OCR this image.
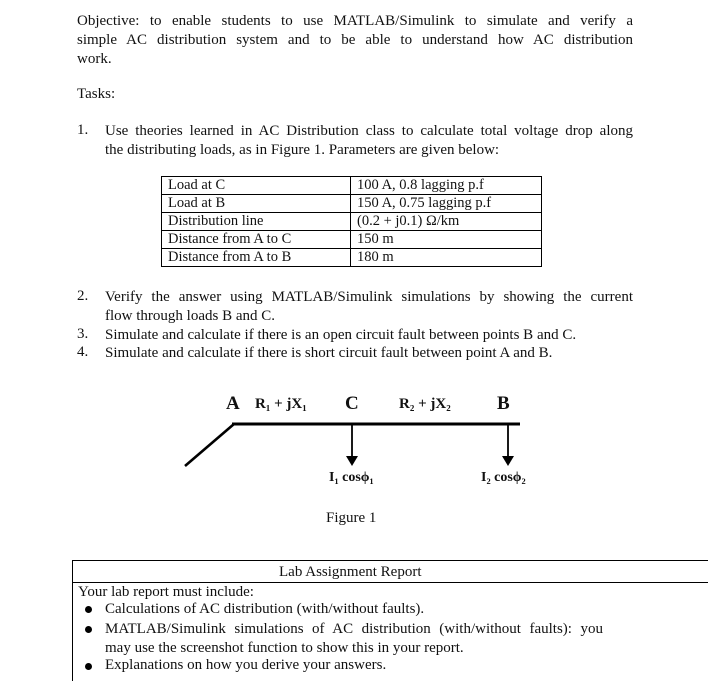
Objective: to enable students to use MATLAB/Simulink to simulate and verify a
simple AC distribution system and to be able to understand how AC distribution
work.
Tasks:
1. Use theories learned in AC Distribution class to calculate total voltage drop along
the distributing loads, as in Figure 1. Parameters are given below:
Load at C	100 A, 0.8 lagging p.f
Load at B	150 A, 0.75 lagging p.f
Distribution line	(0.2 + j0.1) Ω/km
Distance from A to C	150 m
Distance from A to B	180 m
2. Verify the answer using MATLAB/Simulink simulations by showing the current
flow through loads B and C.
3. Simulate and calculate if there is an open circuit fault between points B and C.
4. Simulate and calculate if there is short circuit fault between point A and B.
A R₁ + jX₁ C	R₂ + jX₂ B
I₁ cosϕ₁	I₂ cosϕ₂
Figure 1
Lab Assignment Report
Your lab report must include:
Calculations of AC distribution (with/without faults).
MATLAB/Simulink simulations of AC distribution (with/without faults): you
may use the screenshot function to show this in your report.
Explanations on how you derive your answers.
